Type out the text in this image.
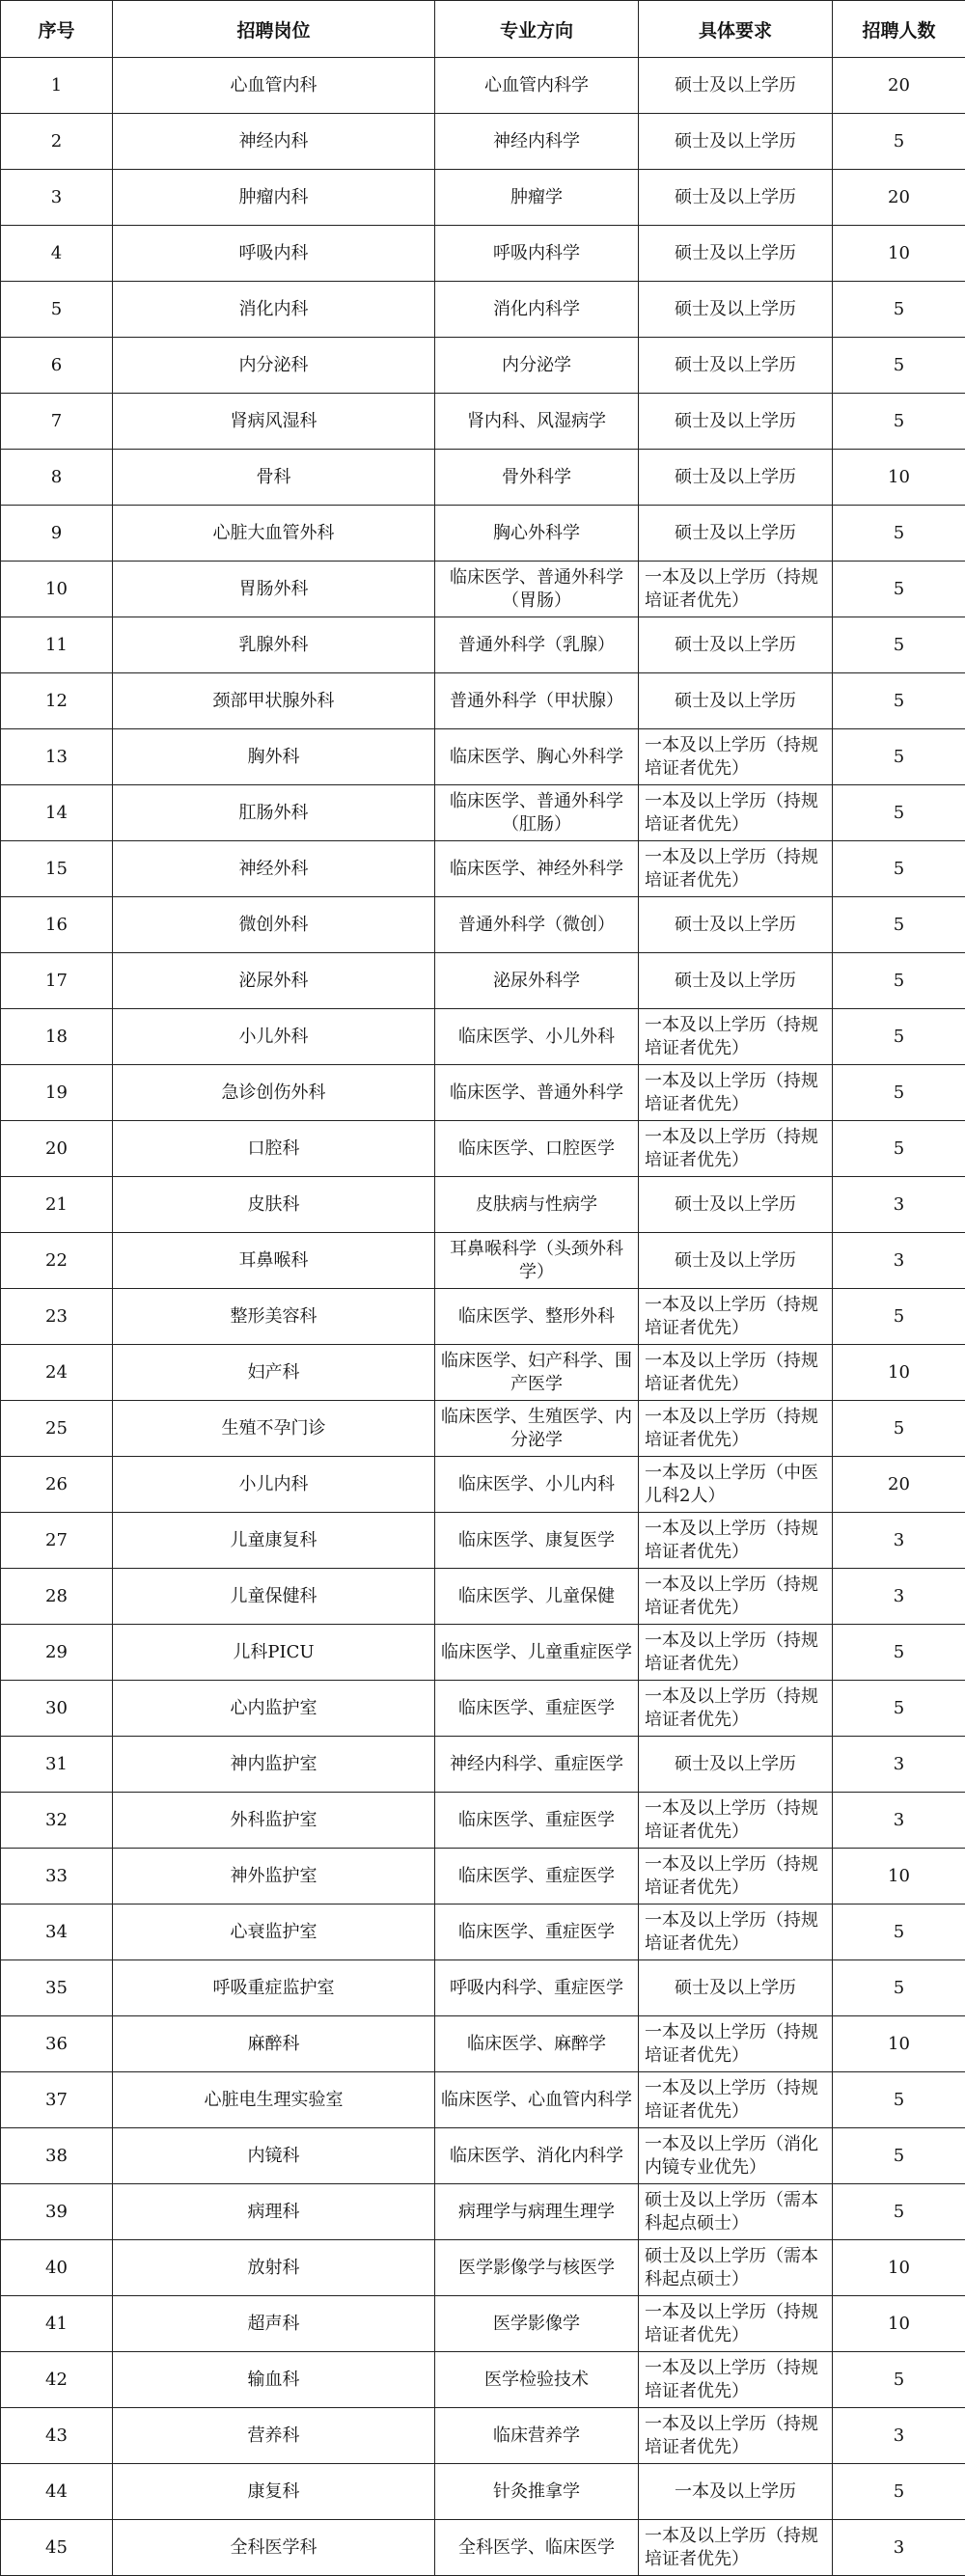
序号	招聘岗位	专业方向	具体要求	招聘人数
1	心血管内科	心血管内科学	硕士及以上学历	20
2	神经内科	神经内科学	硕士及以上学历	5
3	肿瘤内科	肿瘤学	硕士及以上学历	20
4	呼吸内科	呼吸内科学	硕士及以上学历	10
5	消化内科	消化内科学	硕士及以上学历	5
6	内分泌科	内分泌学	硕士及以上学历	5
7	肾病风湿科	肾内科、风湿病学	硕士及以上学历	5
8	骨科	骨外科学	硕士及以上学历	10
9	心脏大血管外科	胸心外科学	硕士及以上学历	5
10	胃肠外科	临床医学、普通外科学（胃肠）	一本及以上学历（持规培证者优先）	5
11	乳腺外科	普通外科学（乳腺）	硕士及以上学历	5
12	颈部甲状腺外科	普通外科学（甲状腺）	硕士及以上学历	5
13	胸外科	临床医学、胸心外科学	一本及以上学历（持规培证者优先）	5
14	肛肠外科	临床医学、普通外科学（肛肠）	一本及以上学历（持规培证者优先）	5
15	神经外科	临床医学、神经外科学	一本及以上学历（持规培证者优先）	5
16	微创外科	普通外科学（微创）	硕士及以上学历	5
17	泌尿外科	泌尿外科学	硕士及以上学历	5
18	小儿外科	临床医学、小儿外科	一本及以上学历（持规培证者优先）	5
19	急诊创伤外科	临床医学、普通外科学	一本及以上学历（持规培证者优先）	5
20	口腔科	临床医学、口腔医学	一本及以上学历（持规培证者优先）	5
21	皮肤科	皮肤病与性病学	硕士及以上学历	3
22	耳鼻喉科	耳鼻喉科学（头颈外科学）	硕士及以上学历	3
23	整形美容科	临床医学、整形外科	一本及以上学历（持规培证者优先）	5
24	妇产科	临床医学、妇产科学、围产医学	一本及以上学历（持规培证者优先）	10
25	生殖不孕门诊	临床医学、生殖医学、内分泌学	一本及以上学历（持规培证者优先）	5
26	小儿内科	临床医学、小儿内科	一本及以上学历（中医儿科2人）	20
27	儿童康复科	临床医学、康复医学	一本及以上学历（持规培证者优先）	3
28	儿童保健科	临床医学、儿童保健	一本及以上学历（持规培证者优先）	3
29	儿科PICU	临床医学、儿童重症医学	一本及以上学历（持规培证者优先）	5
30	心内监护室	临床医学、重症医学	一本及以上学历（持规培证者优先）	5
31	神内监护室	神经内科学、重症医学	硕士及以上学历	3
32	外科监护室	临床医学、重症医学	一本及以上学历（持规培证者优先）	3
33	神外监护室	临床医学、重症医学	一本及以上学历（持规培证者优先）	10
34	心衰监护室	临床医学、重症医学	一本及以上学历（持规培证者优先）	5
35	呼吸重症监护室	呼吸内科学、重症医学	硕士及以上学历	5
36	麻醉科	临床医学、麻醉学	一本及以上学历（持规培证者优先）	10
37	心脏电生理实验室	临床医学、心血管内科学	一本及以上学历（持规培证者优先）	5
38	内镜科	临床医学、消化内科学	一本及以上学历（消化内镜专业优先）	5
39	病理科	病理学与病理生理学	硕士及以上学历（需本科起点硕士）	5
40	放射科	医学影像学与核医学	硕士及以上学历（需本科起点硕士）	10
41	超声科	医学影像学	一本及以上学历（持规培证者优先）	10
42	输血科	医学检验技术	一本及以上学历（持规培证者优先）	5
43	营养科	临床营养学	一本及以上学历（持规培证者优先）	3
44	康复科	针灸推拿学	一本及以上学历	5
45	全科医学科	全科医学、临床医学	一本及以上学历（持规培证者优先）	3
